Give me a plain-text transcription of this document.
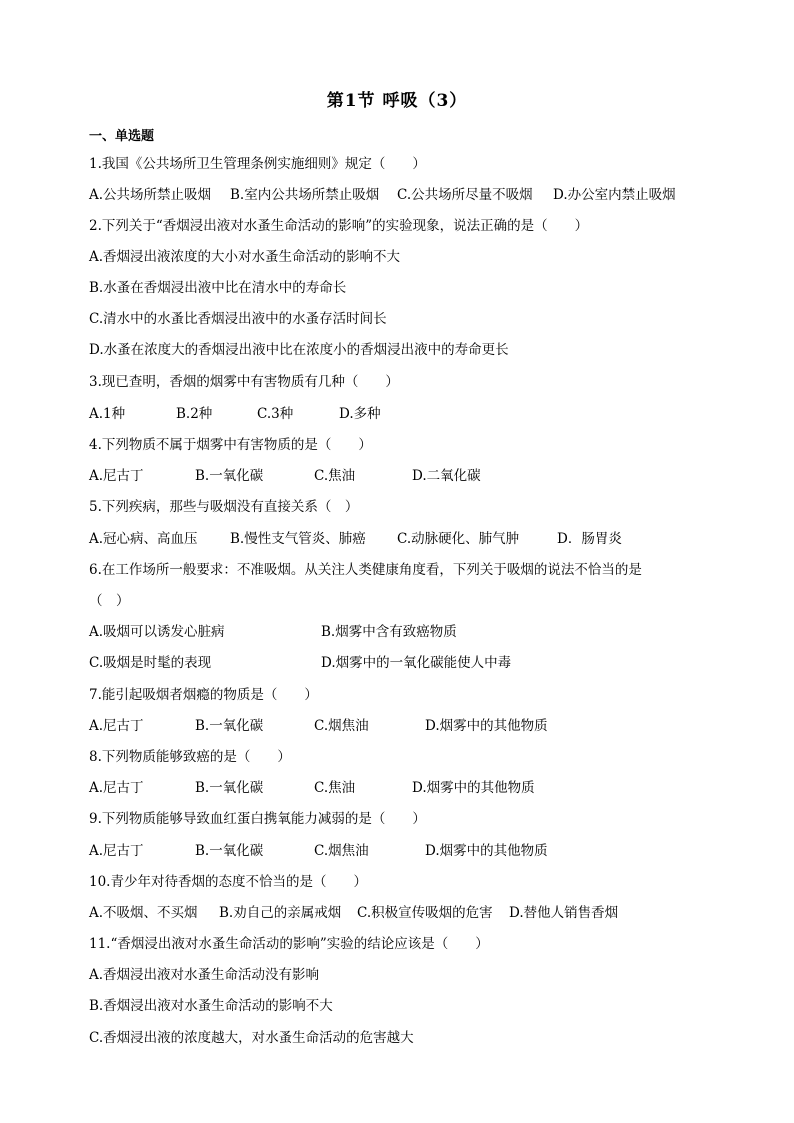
第1节 呼吸（3）
一、单选题
1.我国《公共场所卫生管理条例实施细则》规定（　　）
A.公共场所禁止吸烟 B.室内公共场所禁止吸烟 C.公共场所尽量不吸烟 D.办公室内禁止吸烟
2.下列关于“香烟浸出液对水蚤生命活动的影响”的实验现象，说法正确的是（　　）
A.香烟浸出液浓度的大小对水蚤生命活动的影响不大
B.水蚤在香烟浸出液中比在清水中的寿命长
C.清水中的水蚤比香烟浸出液中的水蚤存活时间长
D.水蚤在浓度大的香烟浸出液中比在浓度小的香烟浸出液中的寿命更长
3.现已查明，香烟的烟雾中有害物质有几种（　　）
A.1种	B.2种	C.3种	D.多种
4.下列物质不属于烟雾中有害物质的是（　　）
A.尼古丁	B.一氧化碳	C.焦油	D.二氧化碳
5.下列疾病，那些与吸烟没有直接关系（　）
A.冠心病、高血压 B.慢性支气管炎、肺癌 C.动脉硬化、肺气肿	D．肠胃炎
6.在工作场所一般要求：不准吸烟。从关注人类健康角度看，下列关于吸烟的说法不恰当的是
（　）
A.吸烟可以诱发心脏病	B.烟雾中含有致癌物质
C.吸烟是时髦的表现	D.烟雾中的一氧化碳能使人中毒
7.能引起吸烟者烟瘾的物质是（　　）
A.尼古丁	B.一氧化碳	C.烟焦油	D.烟雾中的其他物质
8.下列物质能够致癌的是（　　）
A.尼古丁	B.一氧化碳	C.焦油	D.烟雾中的其他物质
9.下列物质能够导致血红蛋白携氧能力减弱的是（　　）
A.尼古丁	B.一氧化碳	C.烟焦油	D.烟雾中的其他物质
10.青少年对待香烟的态度不恰当的是（　　）
A.不吸烟、不买烟 B.劝自己的亲属戒烟 C.积极宣传吸烟的危害 D.替他人销售香烟
11.“香烟浸出液对水蚤生命活动的影响”实验的结论应该是（　　）
A.香烟浸出液对水蚤生命活动没有影响
B.香烟浸出液对水蚤生命活动的影响不大
C.香烟浸出液的浓度越大，对水蚤生命活动的危害越大
